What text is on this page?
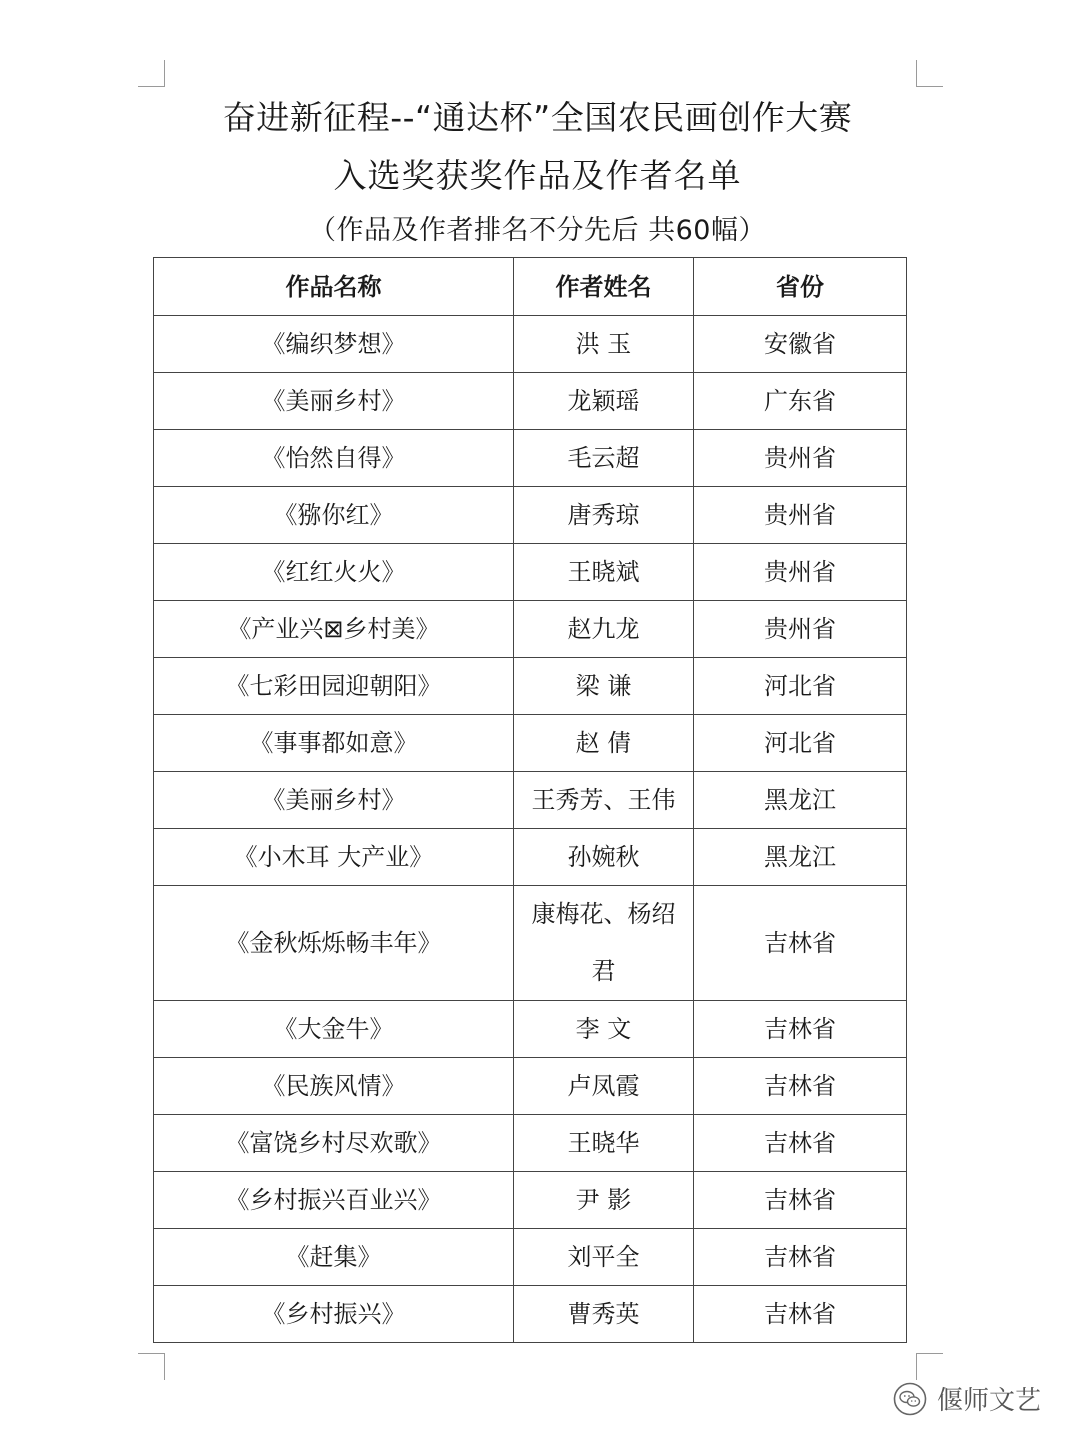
奋进新征程--“通达杯”全国农民画创作大赛
入选奖获奖作品及作者名单
（作品及作者排名不分先后 共60幅）
作品名称	作者姓名	省份
《编织梦想》	洪 玉	安徽省
《美丽乡村》	龙颖瑶	广东省
《怡然自得》	毛云超	贵州省
《猕你红》	唐秀琼	贵州省
《红红火火》	王晓斌	贵州省
《产业兴⊠乡村美》	赵九龙	贵州省
《七彩田园迎朝阳》	梁 谦	河北省
《事事都如意》	赵 倩	河北省
《美丽乡村》	王秀芳、王伟	黑龙江
《小木耳 大产业》	孙婉秋	黑龙江
《金秋烁烁畅丰年》	康梅花、杨绍君	吉林省
《大金牛》	李 文	吉林省
《民族风情》	卢凤霞	吉林省
《富饶乡村尽欢歌》	王晓华	吉林省
《乡村振兴百业兴》	尹 影	吉林省
《赶集》	刘平全	吉林省
《乡村振兴》	曹秀英	吉林省
偃师文艺
